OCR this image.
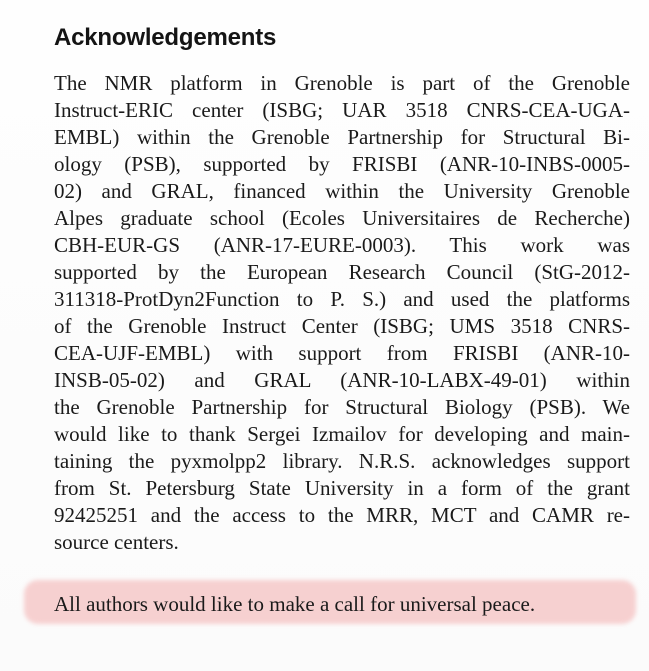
Acknowledgements
The NMR platform in Grenoble is part of the Grenoble
Instruct-ERIC center (ISBG; UAR 3518 CNRS-CEA-UGA-
EMBL) within the Grenoble Partnership for Structural Bi-
ology (PSB), supported by FRISBI (ANR-10-INBS-0005-
02) and GRAL, financed within the University Grenoble
Alpes graduate school (Ecoles Universitaires de Recherche)
CBH-EUR-GS (ANR-17-EURE-0003). This work was
supported by the European Research Council (StG-2012-
311318-ProtDyn2Function to P. S.) and used the platforms
of the Grenoble Instruct Center (ISBG; UMS 3518 CNRS-
CEA-UJF-EMBL) with support from FRISBI (ANR-10-
INSB-05-02) and GRAL (ANR-10-LABX-49-01) within
the Grenoble Partnership for Structural Biology (PSB). We
would like to thank Sergei Izmailov for developing and main-
taining the pyxmolpp2 library. N.R.S. acknowledges support
from St. Petersburg State University in a form of the grant
92425251 and the access to the MRR, MCT and CAMR re-
source centers.
All authors would like to make a call for universal peace.
